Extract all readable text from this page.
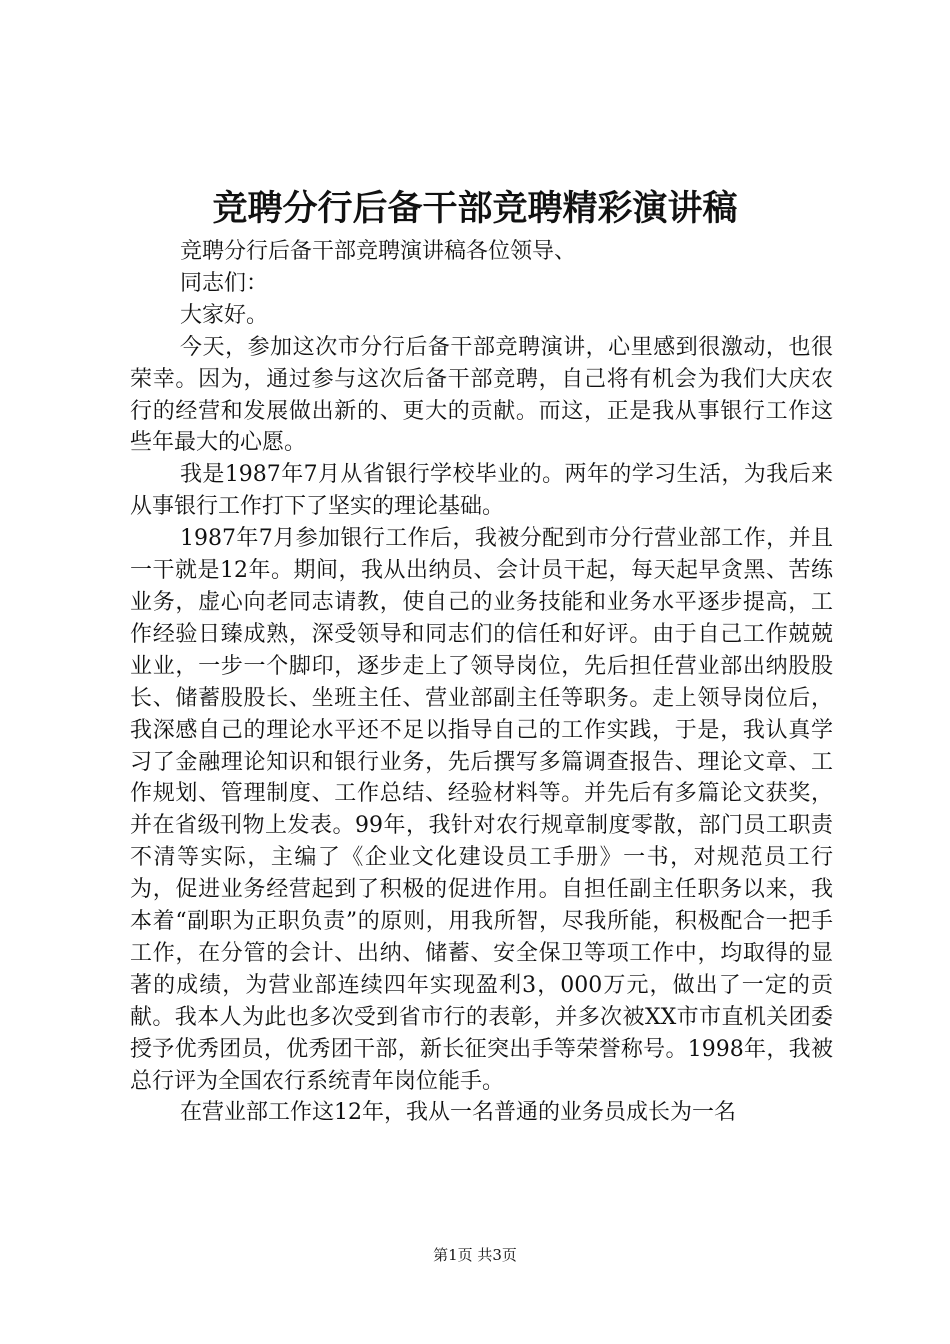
竞聘分行后备干部竞聘精彩演讲稿

竞聘分行后备干部竞聘演讲稿各位领导、

同志们：

大家好。

今天，参加这次市分行后备干部竞聘演讲，心里感到很激动，也很荣幸。因为，通过参与这次后备干部竞聘，自己将有机会为我们大庆农行的经营和发展做出新的、更大的贡献。而这，正是我从事银行工作这些年最大的心愿。

我是1987年7月从省银行学校毕业的。两年的学习生活，为我后来从事银行工作打下了坚实的理论基础。

1987年7月参加银行工作后，我被分配到市分行营业部工作，并且一干就是12年。期间，我从出纳员、会计员干起，每天起早贪黑、苦练业务，虚心向老同志请教，使自己的业务技能和业务水平逐步提高，工作经验日臻成熟，深受领导和同志们的信任和好评。由于自己工作兢兢业业，一步一个脚印，逐步走上了领导岗位，先后担任营业部出纳股股长、储蓄股股长、坐班主任、营业部副主任等职务。走上领导岗位后，我深感自己的理论水平还不足以指导自己的工作实践，于是，我认真学习了金融理论知识和银行业务，先后撰写多篇调查报告、理论文章、工作规划、管理制度、工作总结、经验材料等。并先后有多篇论文获奖，并在省级刊物上发表。99年，我针对农行规章制度零散，部门员工职责不清等实际，主编了《企业文化建设员工手册》一书，对规范员工行为，促进业务经营起到了积极的促进作用。自担任副主任职务以来，我本着“副职为正职负责”的原则，用我所智，尽我所能，积极配合一把手工作，在分管的会计、出纳、储蓄、安全保卫等项工作中，均取得的显著的成绩，为营业部连续四年实现盈利3，000万元，做出了一定的贡献。我本人为此也多次受到省市行的表彰，并多次被XX市市直机关团委授予优秀团员，优秀团干部，新长征突出手等荣誉称号。1998年，我被总行评为全国农行系统青年岗位能手。

在营业部工作这12年，我从一名普通的业务员成长为一名

第1页 共3页
